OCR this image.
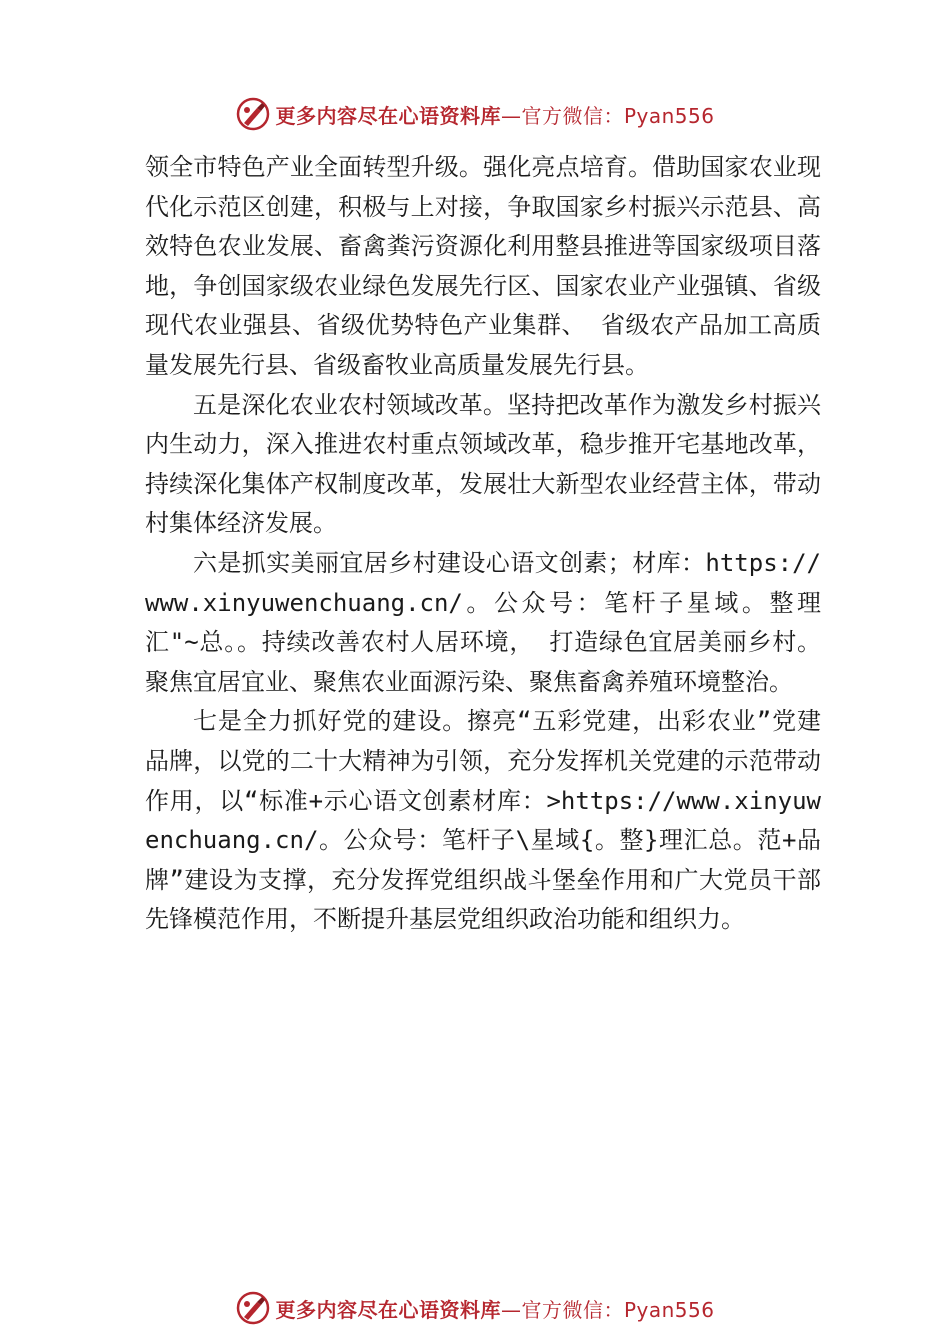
更多内容尽在心语资料库 —官方微信：Pyan556

领全市特色产业全面转型升级。强化亮点培育。借助国家农业现代化示范区创建，积极与上对接，争取国家乡村振兴示范县、高效特色农业发展、畜禽粪污资源化利用整县推进等国家级项目落地，争创国家级农业绿色发展先行区、国家农业产业强镇、省级现代农业强县、省级优势特色产业集群、 省级农产品加工高质量发展先行县、省级畜牧业高质量发展先行县。

五是深化农业农村领域改革。坚持把改革作为激发乡村振兴内生动力，深入推进农村重点领域改革，稳步推开宅基地改革，持续深化集体产权制度改革，发展壮大新型农业经营主体，带动村集体经济发展。

六是抓实美丽宜居乡村建设心语文创素；材库：https://www.xinyuwenchuang.cn/。公众号：笔杆子星域。整理汇"~总。。持续改善农村人居环境， 打造绿色宜居美丽乡村。聚焦宜居宜业、聚焦农业面源污染、聚焦畜禽养殖环境整治。

七是全力抓好党的建设。擦亮“五彩党建，出彩农业”党建品牌，以党的二十大精神为引领，充分发挥机关党建的示范带动作用，以“标准+示心语文创素材库：>https://www.xinyuwenchuang.cn/。公众号：笔杆子\星域{。整}理汇总。范+品牌”建设为支撑，充分发挥党组织战斗堡垒作用和广大党员干部先锋模范作用，不断提升基层党组织政治功能和组织力。

更多内容尽在心语资料库 —官方微信：Pyan556
